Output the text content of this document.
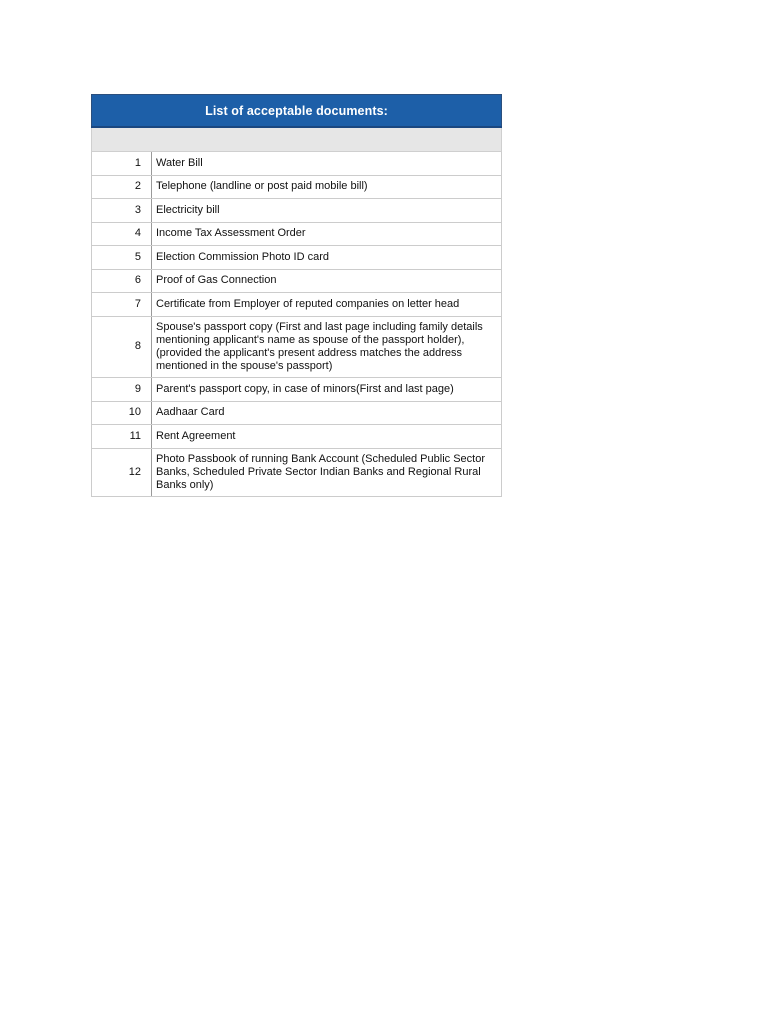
List of acceptable documents:	

1	Water Bill
2	Telephone (landline or post paid mobile bill)
3	Electricity bill
4	Income Tax Assessment Order
5	Election Commission Photo ID card
6	Proof of Gas Connection
7	Certificate from Employer of reputed companies on letter head
8	Spouse's passport copy (First and last page including family details mentioning applicant's name as spouse of the passport holder), (provided the applicant's present address matches the address mentioned in the spouse's passport)
9	Parent's passport copy, in case of minors(First and last page)
10	Aadhaar Card
11	Rent Agreement
12	Photo Passbook of running Bank Account (Scheduled Public Sector Banks, Scheduled Private Sector Indian Banks and Regional Rural Banks only)
